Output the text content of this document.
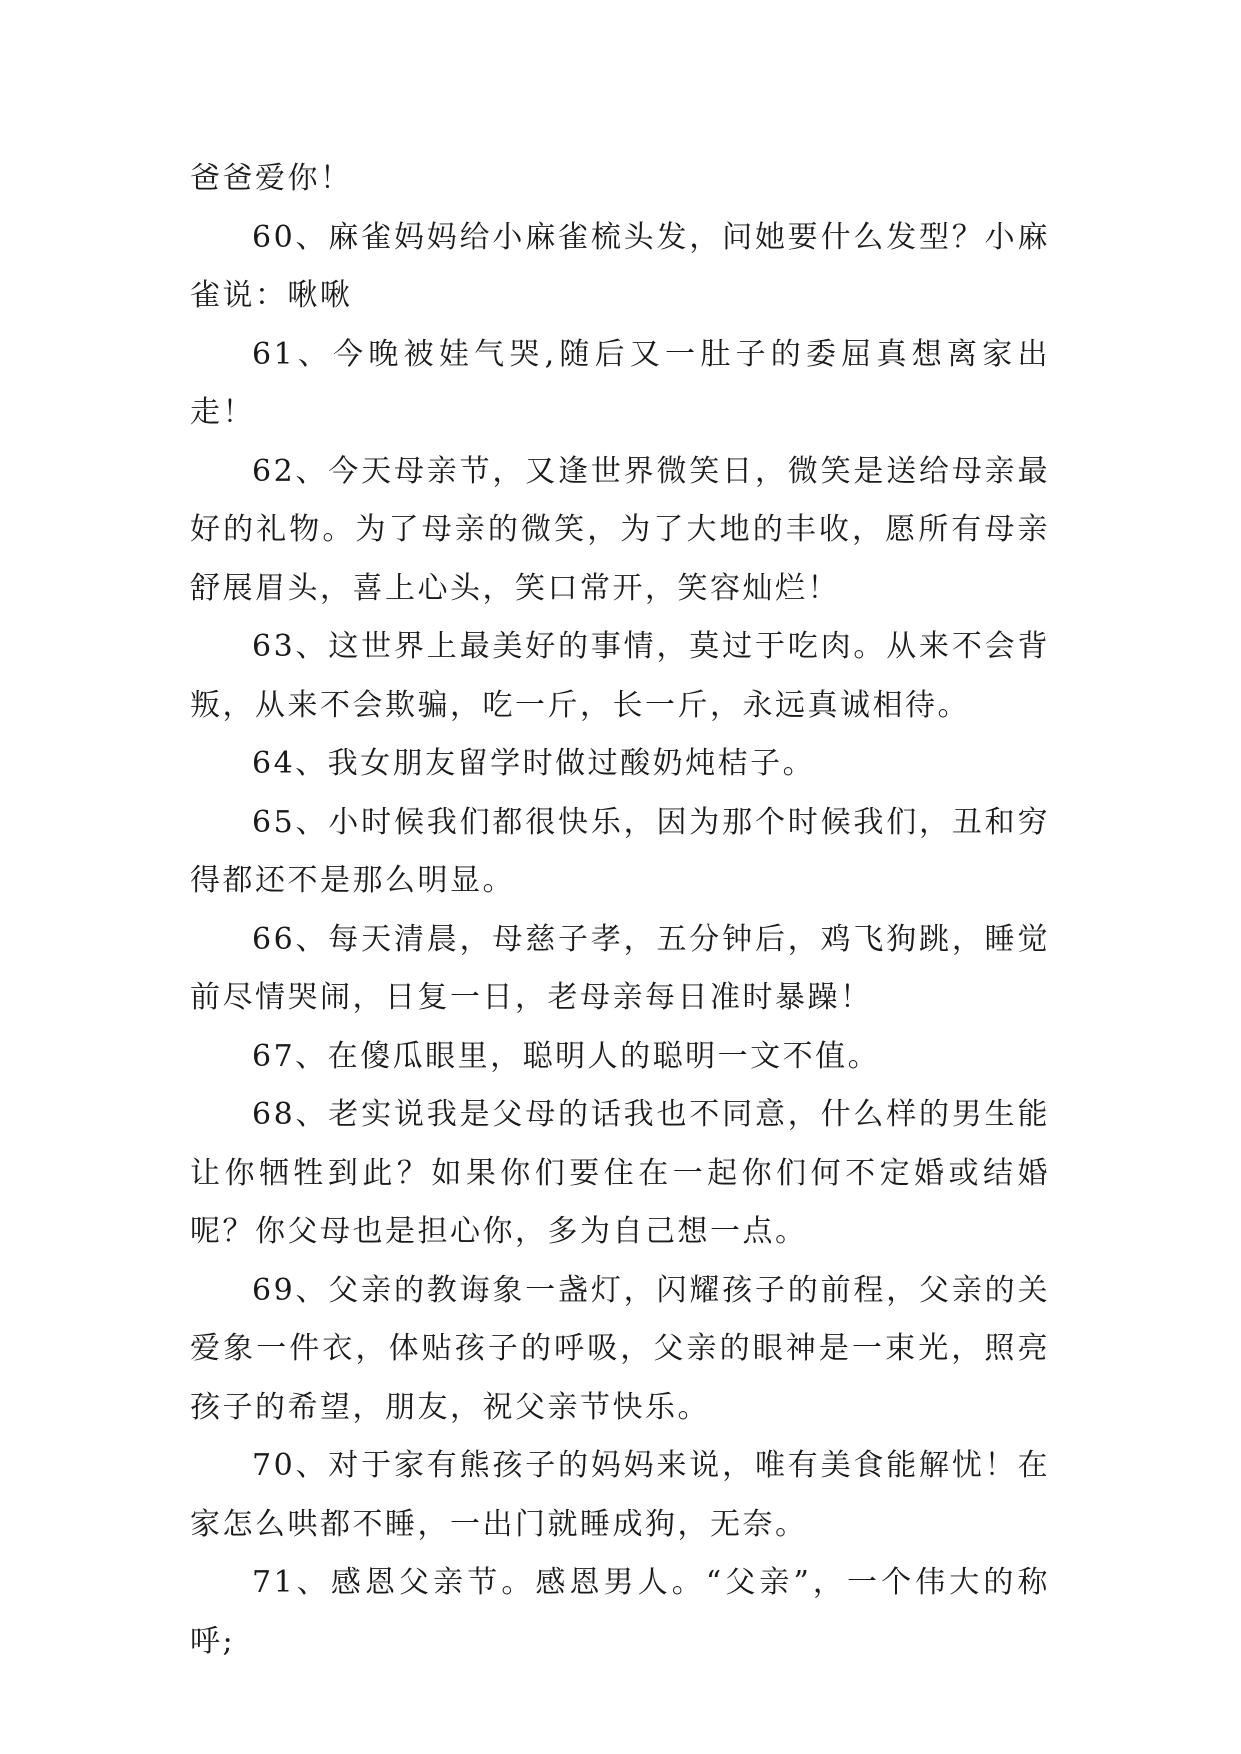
爸爸爱你！

60、麻雀妈妈给小麻雀梳头发，问她要什么发型？小麻雀说：啾啾

61、今晚被娃气哭,随后又一肚子的委屈真想离家出走！

62、今天母亲节，又逢世界微笑日，微笑是送给母亲最好的礼物。为了母亲的微笑，为了大地的丰收，愿所有母亲舒展眉头，喜上心头，笑口常开，笑容灿烂！

63、这世界上最美好的事情，莫过于吃肉。从来不会背叛，从来不会欺骗，吃一斤，长一斤，永远真诚相待。

64、我女朋友留学时做过酸奶炖桔子。

65、小时候我们都很快乐，因为那个时候我们，丑和穷得都还不是那么明显。

66、每天清晨，母慈子孝，五分钟后，鸡飞狗跳，睡觉前尽情哭闹，日复一日，老母亲每日准时暴躁！

67、在傻瓜眼里，聪明人的聪明一文不值。

68、老实说我是父母的话我也不同意，什么样的男生能让你牺牲到此？如果你们要住在一起你们何不定婚或结婚呢？你父母也是担心你，多为自己想一点。

69、父亲的教诲象一盏灯，闪耀孩子的前程，父亲的关爱象一件衣，体贴孩子的呼吸，父亲的眼神是一束光，照亮孩子的希望，朋友，祝父亲节快乐。

70、对于家有熊孩子的妈妈来说，唯有美食能解忧！在家怎么哄都不睡，一出门就睡成狗，无奈。

71、感恩父亲节。感恩男人。“父亲”，一个伟大的称呼;
